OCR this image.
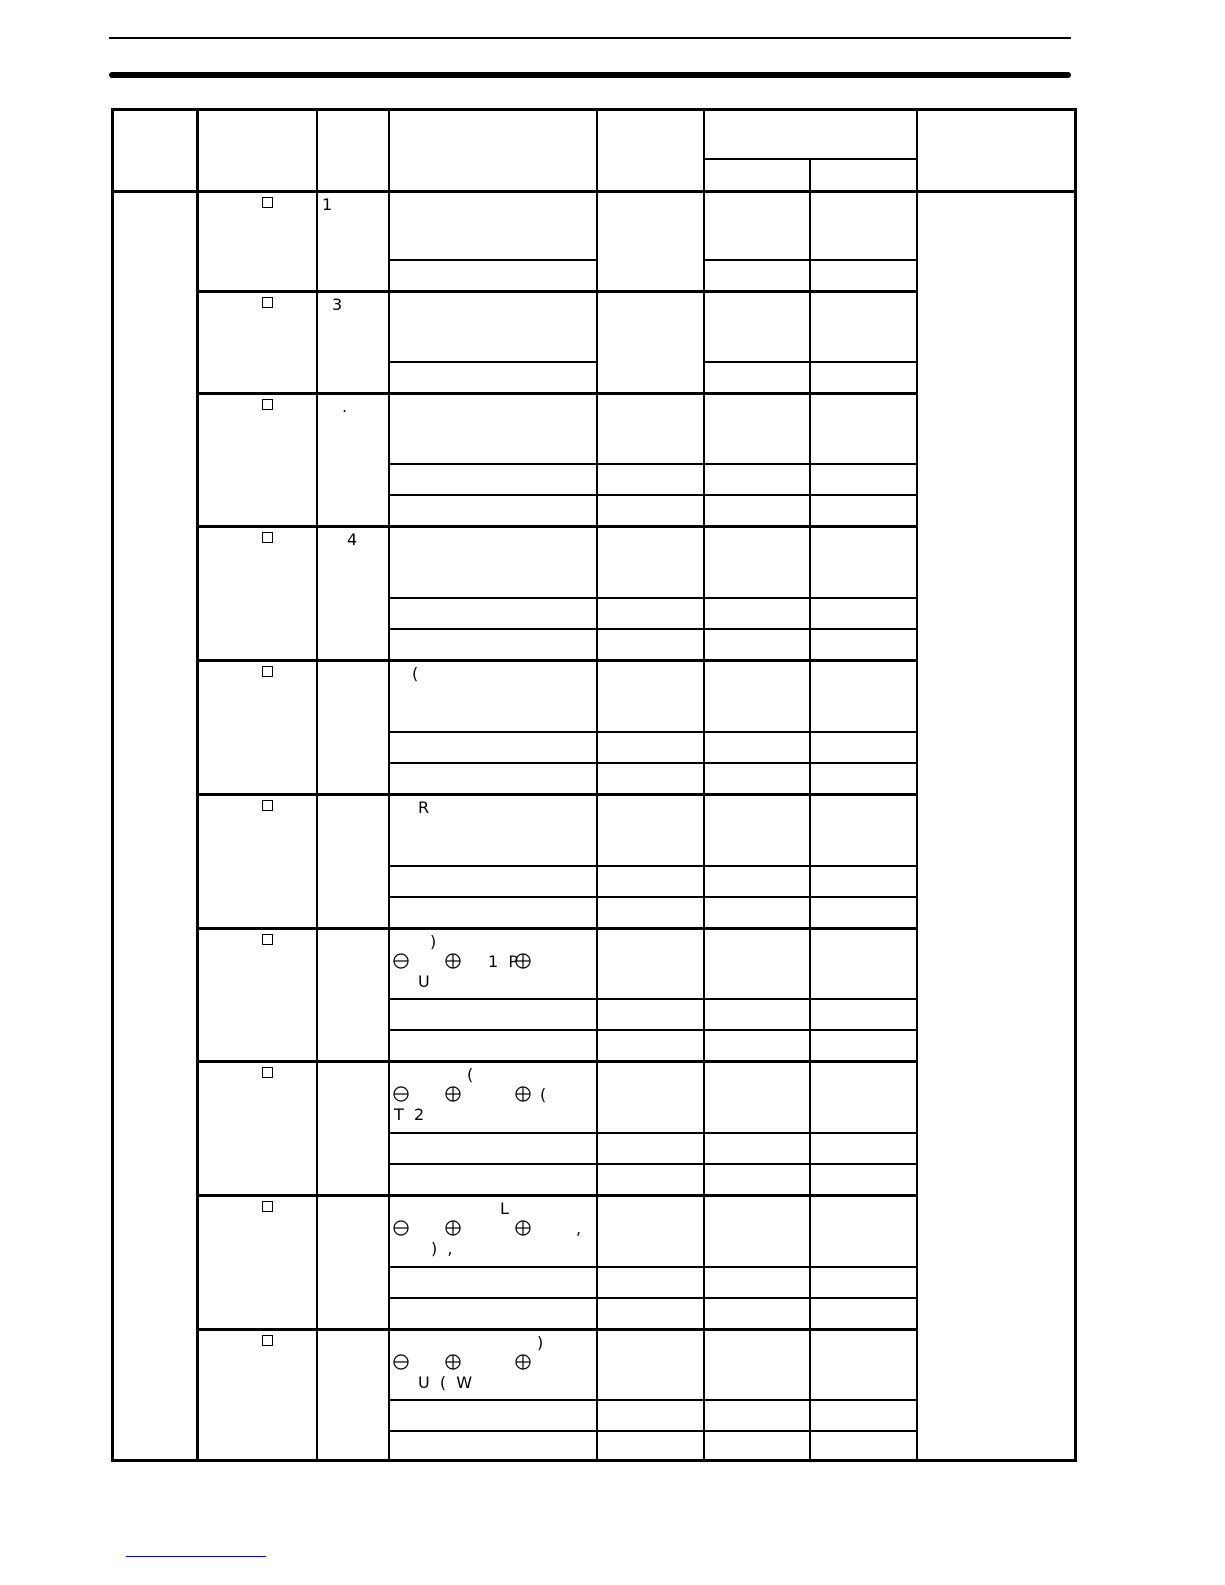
1
3
.
4
(
R
)
1  P
U
(
(
T  2
L
,
)  ,
)
U  (  W
